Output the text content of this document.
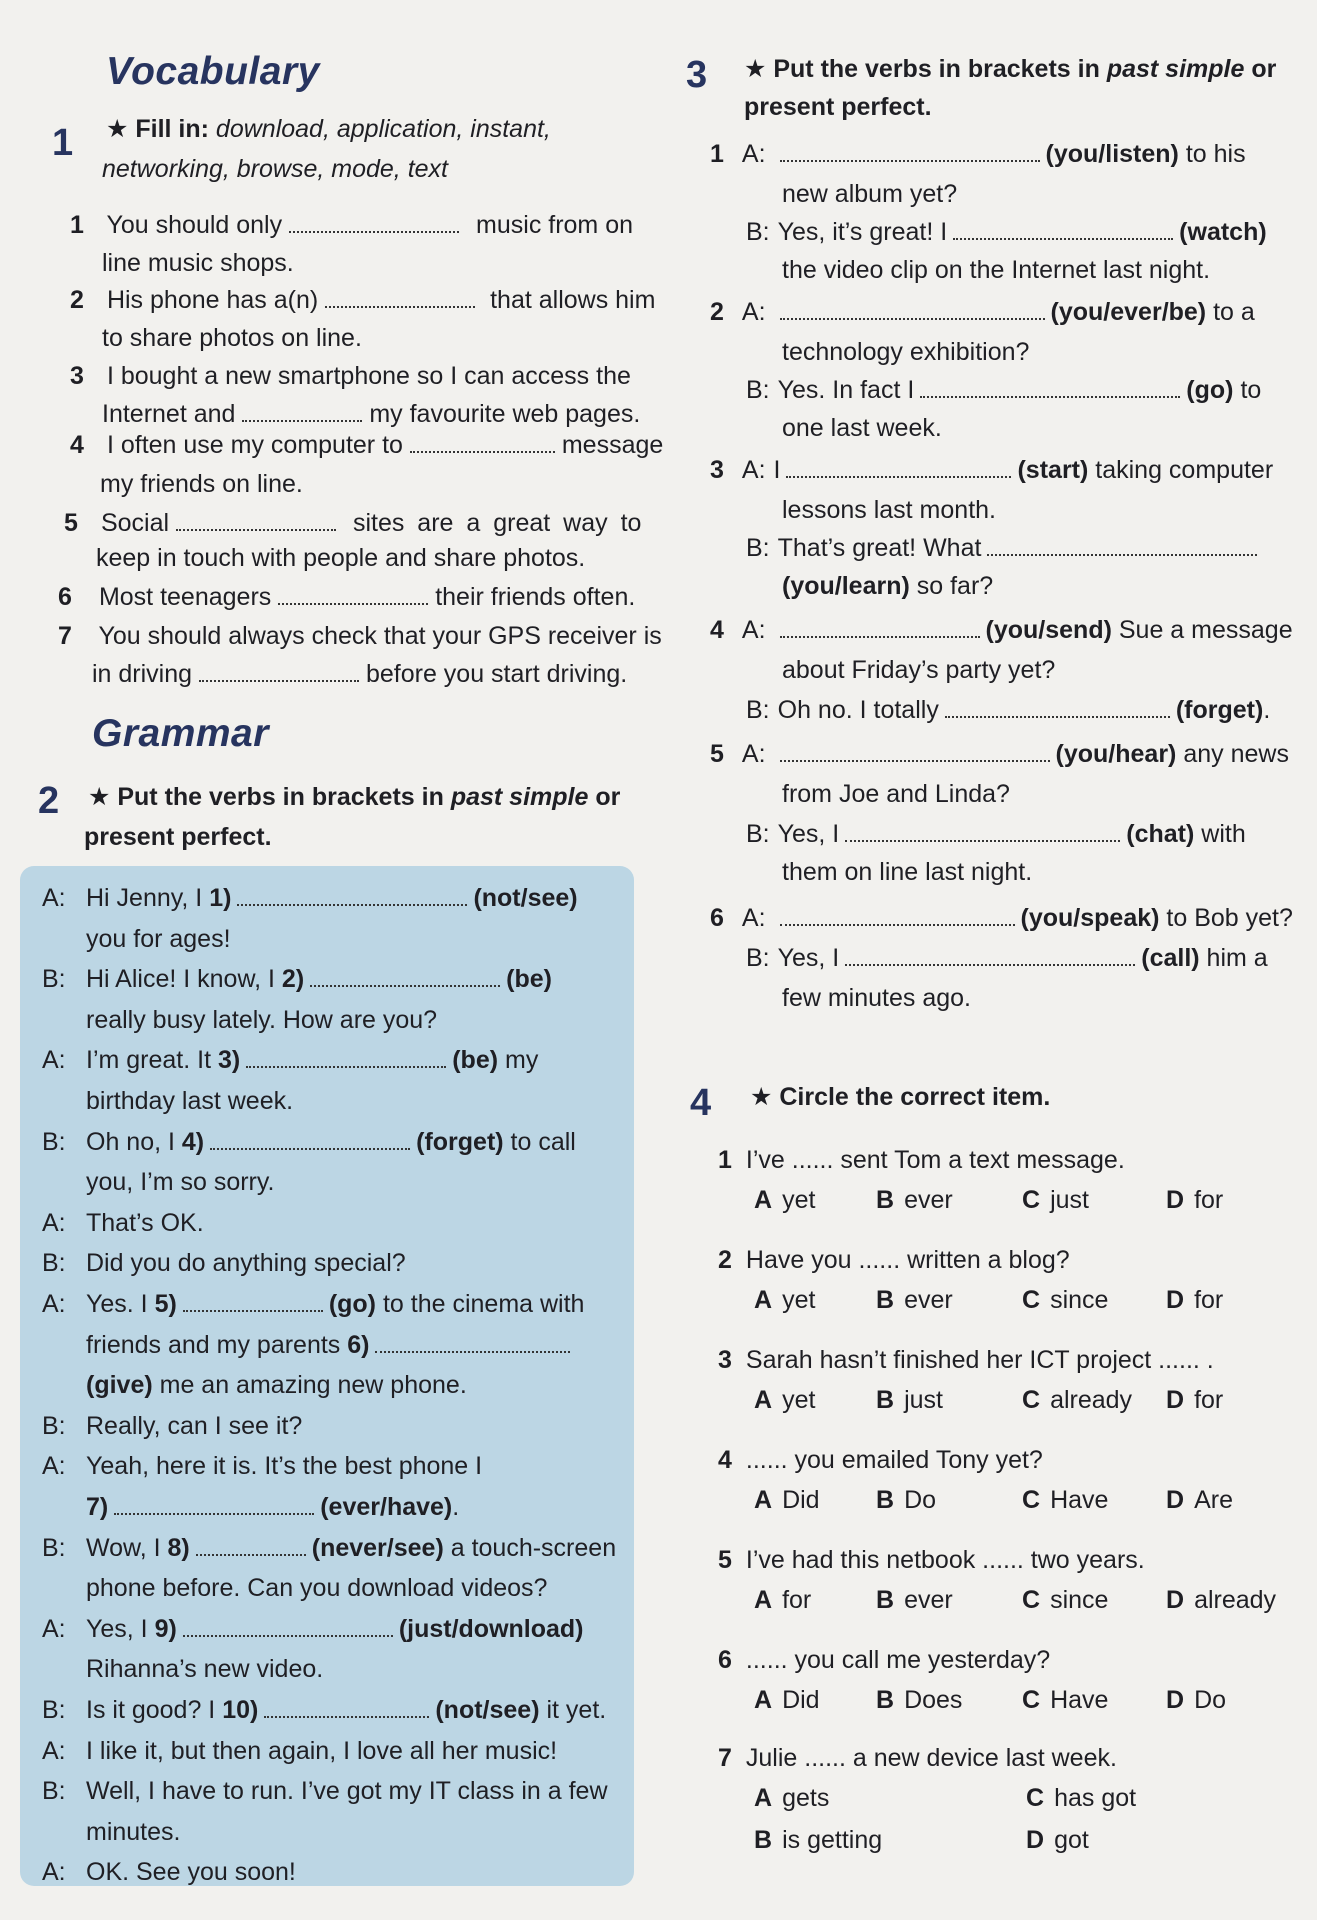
Vocabulary
1 ★ Fill in: download, application, instant,
networking, browse, mode, text
1 You should only	music from on
line music shops.
2 His phone has a(n)	that allows him
to share photos on line.
3 I bought a new smartphone so I can access the
Internet and	my favourite web pages.
4 I often use my computer to	message
my friends on line.
5 Social	sites are a great way to
keep in touch with people and share photos.
6 Most teenagers	their friends often.
7 You should always check that your GPS receiver is
in driving	before you start driving.
Grammar
2 ★ Put the verbs in brackets in past simple or
present perfect.
A: Hi Jenny, I 1)	(not/see)
you for ages!
B: Hi Alice! I know, I 2)	(be)
really busy lately. How are you?
A: I’m great. It 3)	(be) my
birthday last week.
B: Oh no, I 4)	(forget) to call
you, I’m so sorry.
A: That’s OK.
B: Did you do anything special?
A: Yes. I 5)	(go) to the cinema with
friends and my parents 6)
(give) me an amazing new phone.
B: Really, can I see it?
A: Yeah, here it is. It’s the best phone I
7)	(ever/have).
B: Wow, I 8)	(never/see) a touch-screen
phone before. Can you download videos?
A: Yes, I 9)	(just/download)
Rihanna’s new video.
B: Is it good? I 10)	(not/see) it yet.
A: I like it, but then again, I love all her music!
B: Well, I have to run. I’ve got my IT class in a few
minutes.
A: OK. See you soon!
3 ★ Put the verbs in brackets in past simple or
present perfect.
1 A:	(you/listen) to his
new album yet?
B: Yes, it’s great! I	(watch)
the video clip on the Internet last night.
2 A:	(you/ever/be) to a
technology exhibition?
B: Yes. In fact I	(go) to
one last week.
3 A: I	(start) taking computer
lessons last month.
B: That’s great! What
(you/learn) so far?
4 A:	(you/send) Sue a message
about Friday’s party yet?
B: Oh no. I totally	(forget).
5 A:	(you/hear) any news
from Joe and Linda?
B: Yes, I	(chat) with
them on line last night.
6 A:	(you/speak) to Bob yet?
B: Yes, I	(call) him a
few minutes ago.
4 ★ Circle the correct item.
1 I’ve ...... sent Tom a text message.
A yet B ever	C just	D for
2 Have you ...... written a blog?
A yet B ever	C since D for
3 Sarah hasn’t finished her ICT project ...... .
A yet B just	C already D for
4 ...... you emailed Tony yet?
A Did B Do	C Have D Are
5 I’ve had this netbook ...... two years.
A for	B ever	C since D already
6 ...... you call me yesterday?
A Did B Does C Have D Do
7 Julie ...... a new device last week.
A gets	C has got
B is getting	D got
